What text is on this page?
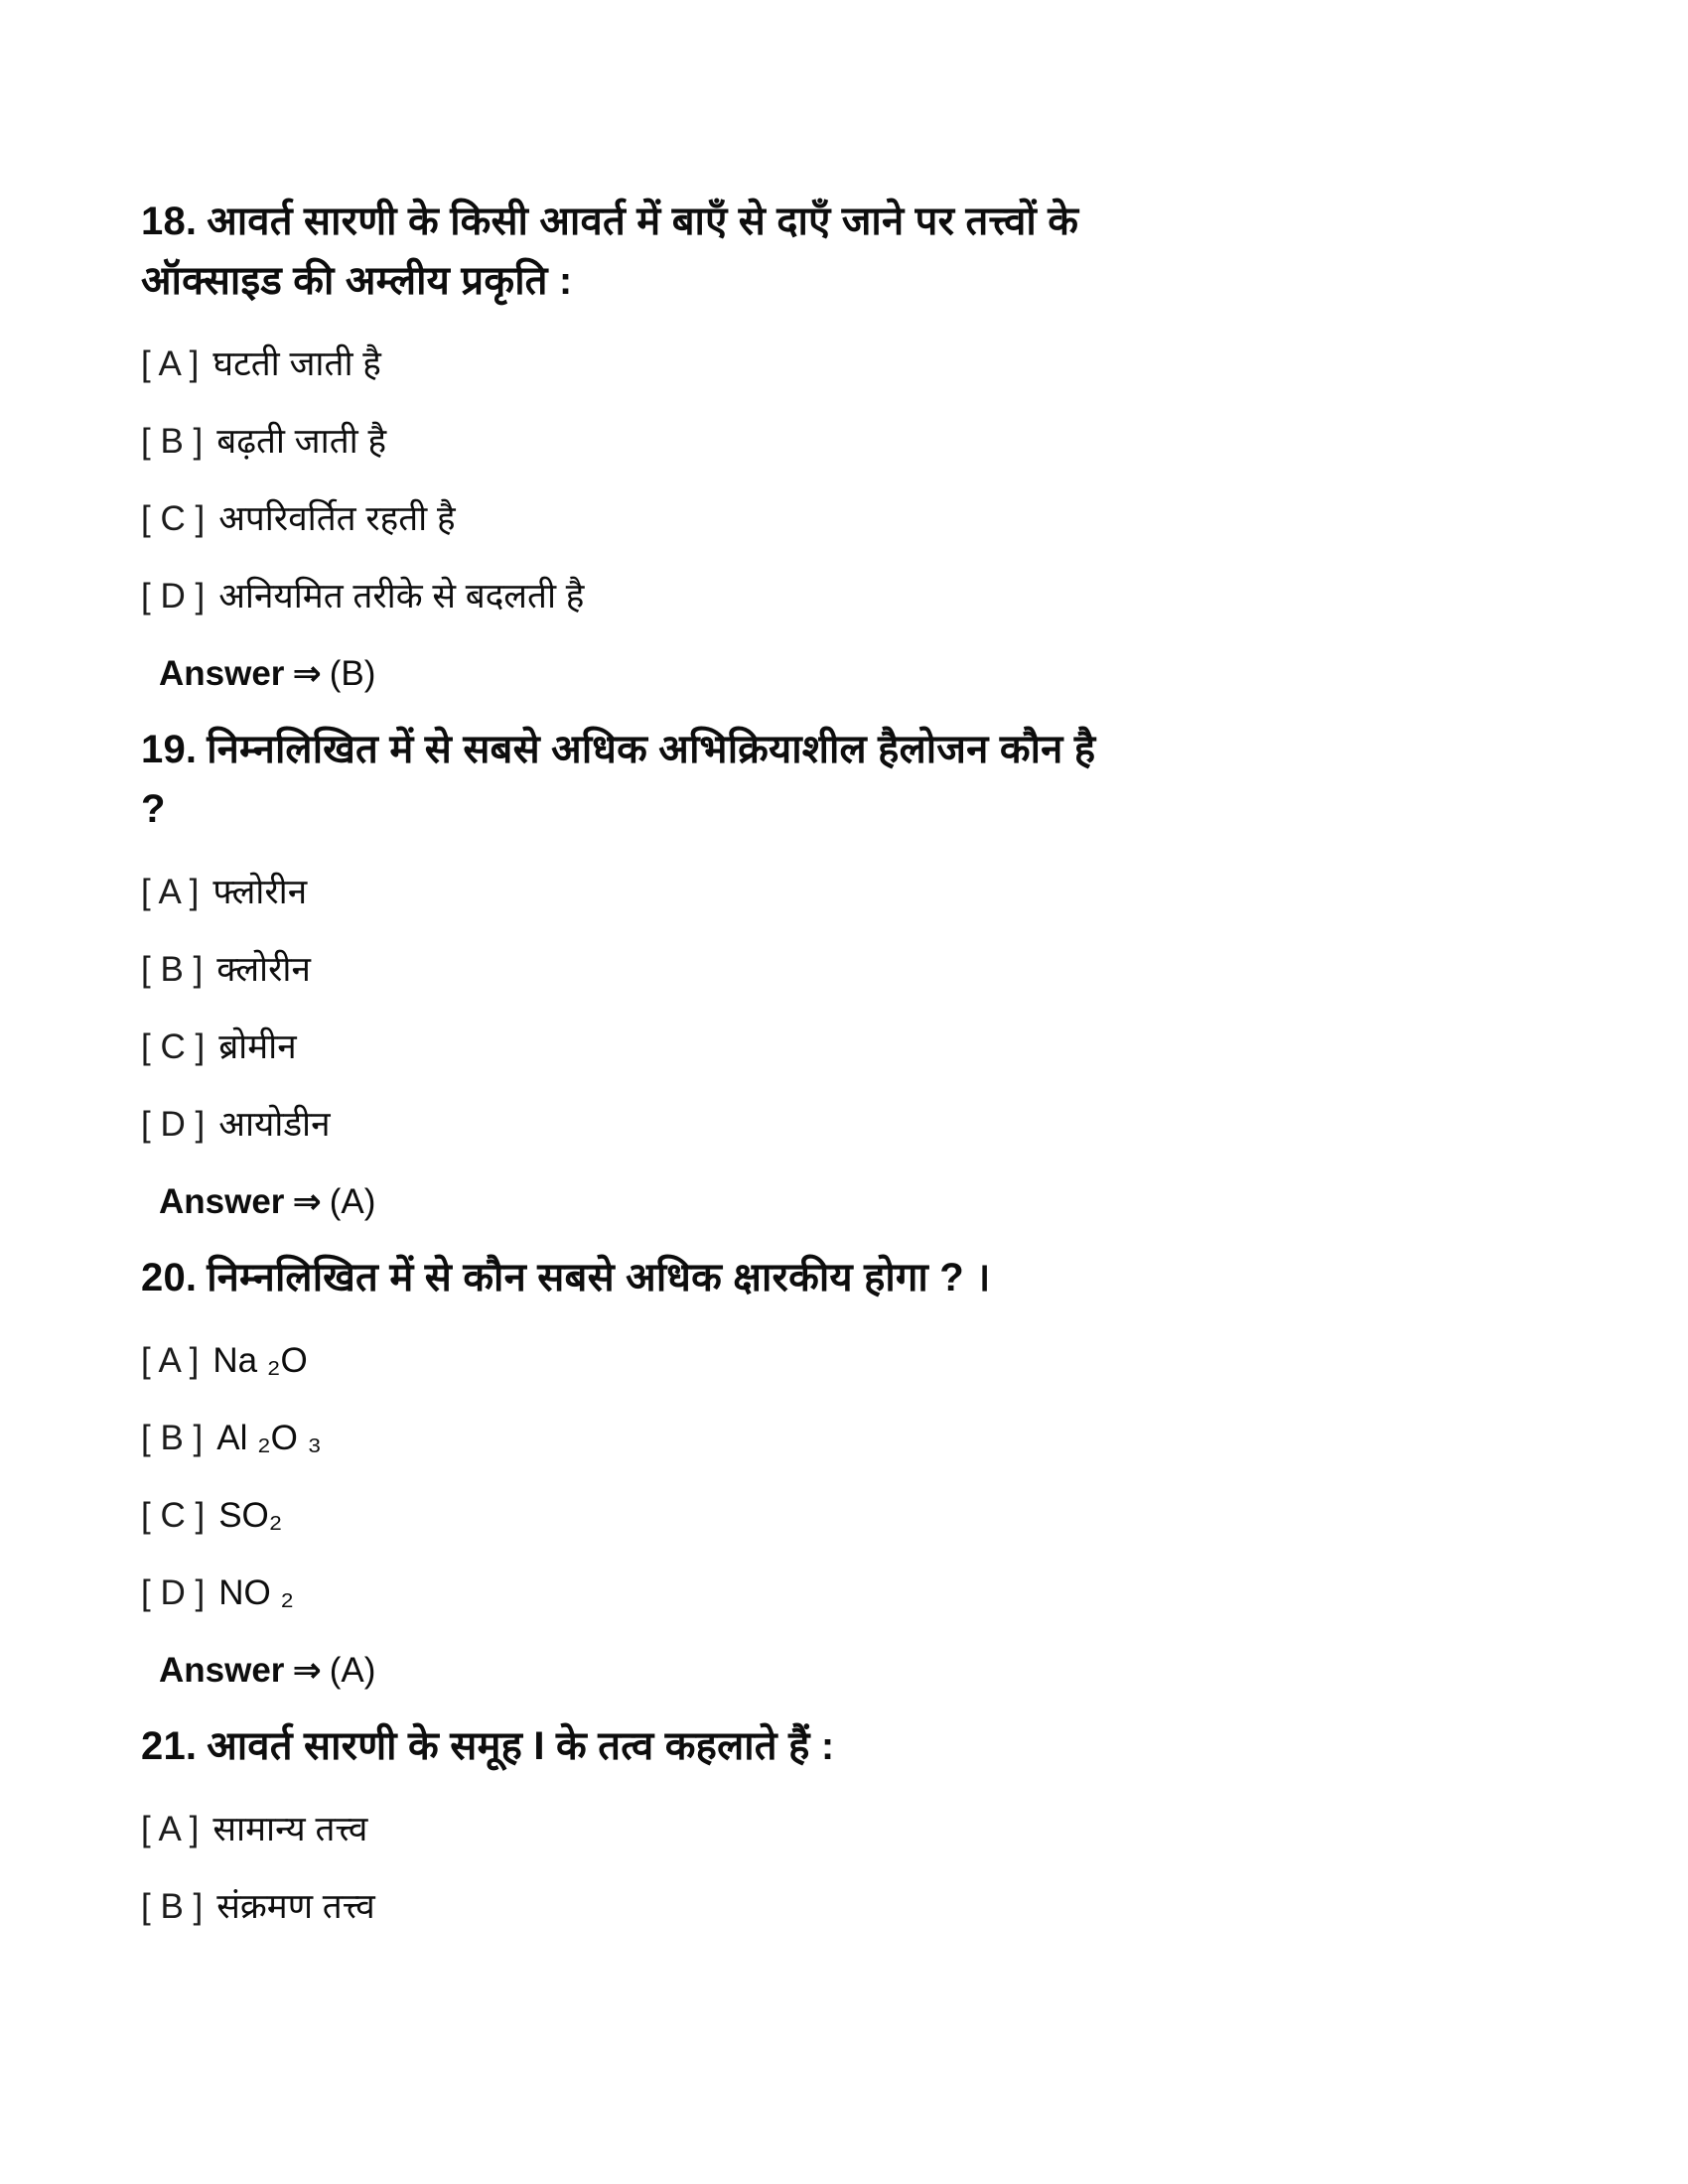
18. आवर्त सारणी के किसी आवर्त में बाएँ से दाएँ जाने पर तत्त्वों के  ऑक्साइड की अम्लीय प्रकृति :
[ A ] घटती जाती है
[ B ] बढ़ती जाती है
[ C ] अपरिवर्तित रहती है
[ D ] अनियमित तरीके से बदलती है
Answer ⇒ (B)
19. निम्नलिखित में से सबसे अधिक अभिक्रियाशील हैलोजन कौन है ?
[ A ] फ्लोरीन
[ B ] क्लोरीन
[ C ] ब्रोमीन
[ D ] आयोडीन
Answer ⇒ (A)
20. निम्नलिखित में से कौन सबसे अधिक क्षारकीय होगा ? ।
[ A ] Na ₂O
[ B ] Al ₂O ₃
[ C ] SO₂
[ D ] NO ₂
Answer ⇒ (A)
21. आवर्त सारणी के समूह I के तत्व कहलाते हैं :
[ A ] सामान्य तत्त्व
[ B ] संक्रमण तत्त्व
